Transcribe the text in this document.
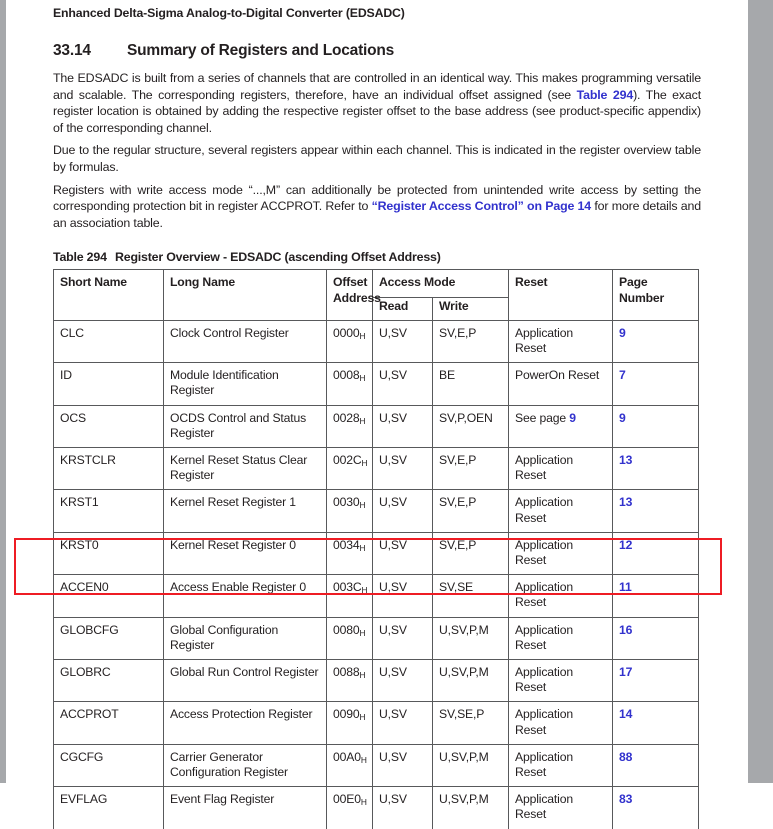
Enhanced Delta-Sigma Analog-to-Digital Converter (EDSADC)
33.14	Summary of Registers and Locations
The EDSADC is built from a series of channels that are controlled in an identical way. This makes programming versatile and scalable. The corresponding registers, therefore, have an individual offset assigned (see Table 294). The exact register location is obtained by adding the respective register offset to the base address (see product-specific appendix) of the corresponding channel.
Due to the regular structure, several registers appear within each channel. This is indicated in the register overview table by formulas.
Registers with write access mode “...,M” can additionally be protected from unintended write access by setting the corresponding protection bit in register ACCPROT. Refer to “Register Access Control” on Page 14 for more details and an association table.
Table 294 Register Overview - EDSADC (ascending Offset Address)
Short Name	Long Name	Offset Address	Access Mode		Reset	Page Number
			Read	Write		
CLC	Clock Control Register	0000H	U,SV	SV,E,P	Application Reset	9
ID	Module Identification Register	0008H	U,SV	BE	PowerOn Reset	7
OCS	OCDS Control and Status Register	0028H	U,SV	SV,P,OEN	See page 9	9
KRSTCLR	Kernel Reset Status Clear Register	002CH	U,SV	SV,E,P	Application Reset	13
KRST1	Kernel Reset Register 1	0030H	U,SV	SV,E,P	Application Reset	13
KRST0	Kernel Reset Register 0	0034H	U,SV	SV,E,P	Application Reset	12
ACCEN0	Access Enable Register 0	003CH	U,SV	SV,SE	Application Reset	11
GLOBCFG	Global Configuration Register	0080H	U,SV	U,SV,P,M	Application Reset	16
GLOBRC	Global Run Control Register	0088H	U,SV	U,SV,P,M	Application Reset	17
ACCPROT	Access Protection Register	0090H	U,SV	SV,SE,P	Application Reset	14
CGCFG	Carrier Generator Configuration Register	00A0H	U,SV	U,SV,P,M	Application Reset	88
EVFLAG	Event Flag Register	00E0H	U,SV	U,SV,P,M	Application Reset	83
